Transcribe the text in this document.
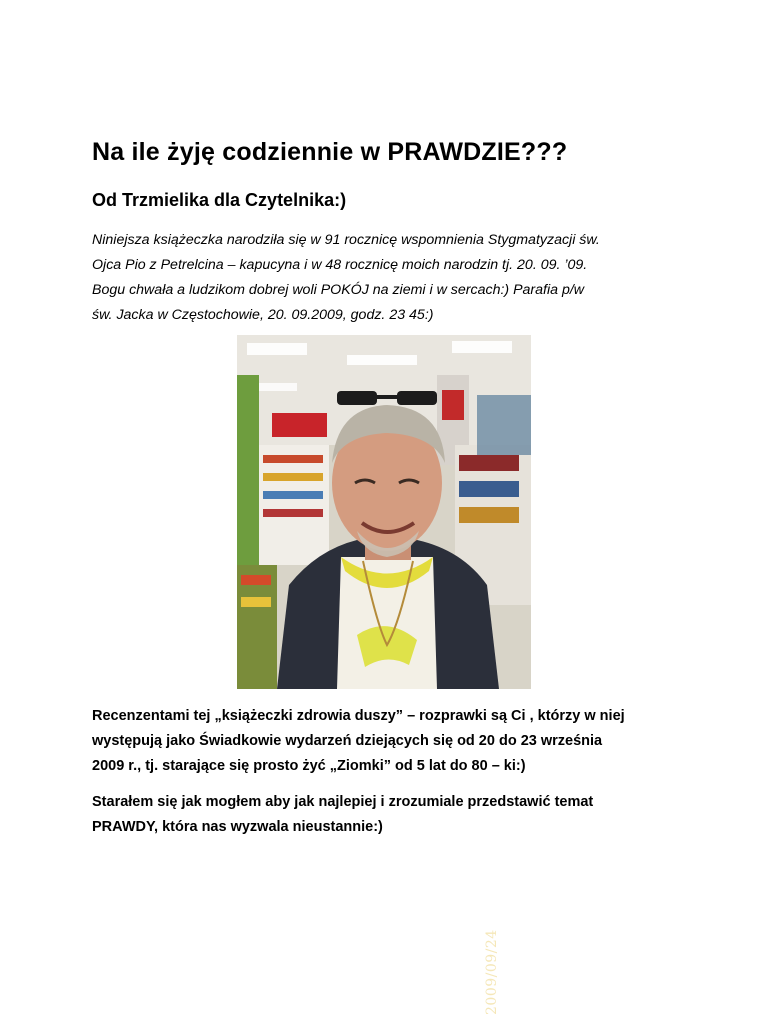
Na ile żyję codziennie w PRAWDZIE???
Od Trzmielika dla Czytelnika:)

Niniejsza książeczka narodziła się w 91 rocznicę wspomnienia Stygmatyzacji św.
Ojca Pio z Petrelcina – kapucyna i w 48 rocznicę moich narodzin tj. 20. 09. ’09.
Bogu chwała a ludzikom dobrej woli POKÓJ na ziemi i w sercach:) Parafia p/w
św. Jacka w Częstochowie, 20. 09.2009, godz. 23 45:)

2009/09/24

Recenzentami tej „książeczki zdrowia duszy” – rozprawki są Ci , którzy w niej
występują jako Świadkowie wydarzeń dziejących się od 20 do 23 września
2009 r., tj. starające się prosto żyć „Ziomki” od 5 lat do 80 – ki:)

Starałem się jak mogłem aby jak najlepiej i zrozumiale przedstawić temat
PRAWDY, która nas wyzwala nieustannie:)
